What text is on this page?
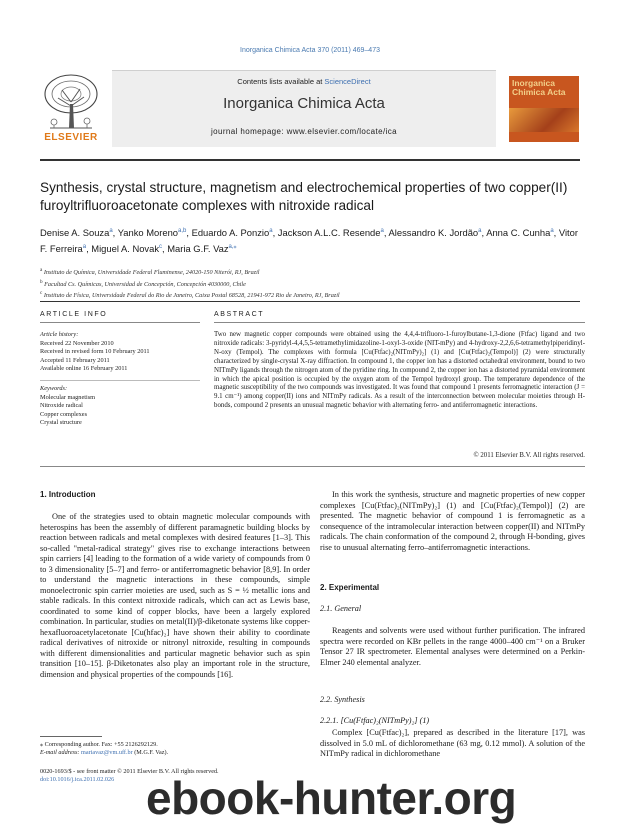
Inorganica Chimica Acta 370 (2011) 469–473
ELSEVIER
Contents lists available at ScienceDirect
Inorganica Chimica Acta
journal homepage: www.elsevier.com/locate/ica
Inorganica Chimica Acta
Synthesis, crystal structure, magnetism and electrochemical properties of two copper(II) furoyltrifluoroacetonate complexes with nitroxide radical
Denise A. Souza$^a$, Yanko Moreno$^{a,b}$, Eduardo A. Ponzio$^a$, Jackson A.L.C. Resende$^a$, Alessandro K. Jordão$^a$, Anna C. Cunha$^a$, Vitor F. Ferreira$^a$, Miguel A. Novak$^c$, Maria G.F. Vaz$^{a,⁎}$
$^a$ Instituto de Química, Universidade Federal Fluminense, 24020-150 Niterói, RJ, Brazil
$^b$ Facultad Cs. Químicas, Universidad de Concepción, Concepción 4030000, Chile
$^c$ Instituto de Física, Universidade Federal do Rio de Janeiro, Caixa Postal 68528, 21941-972 Rio de Janeiro, RJ, Brazil
ARTICLE INFO	ABSTRACT
Article history:
Received 22 November 2010
Received in revised form 10 February 2011
Accepted 11 February 2011
Available online 16 February 2011
Keywords:
Molecular magnetism
Nitroxide radical
Copper complexes
Crystal structure
Two new magnetic copper compounds were obtained using the 4,4,4-trifluoro-1-furoylbutane-1,3-dione (Ftfac) ligand and two nitroxide radicals: 3-pyridyl-4,4,5,5-tetramethylimidazoline-1-oxyl-3-oxide (NIT-mPy) and 4-hydroxy-2,2,6,6-tetramethylpiperidinyl-N-oxy (Tempol). The complexes with formula [Cu(Ftfac)₂(NITmPy)₂] (1) and [Cu(Ftfac)₂(Tempol)] (2) were structurally characterized by single-crystal X-ray diffraction. In compound 1, the copper ion has a distorted octahedral environment, bound to two NITmPy ligands through the nitrogen atom of the pyridine ring. In compound 2, the copper ion has a distorted pyramidal environment in which the apical position is occupied by the oxygen atom of the Tempol hydroxyl group. The temperature dependence of the magnetic susceptibility of the two compounds was investigated. It was found that compound 1 presents ferromagnetic interaction (J = 9.1 cm⁻¹) among copper(II) ions and NITmPy radicals. As a result of the interconnection between molecular moieties through H-bonds, compound 2 presents an unusual magnetic behavior with alternating ferro- and antiferromagnetic interactions.
© 2011 Elsevier B.V. All rights reserved.
1. Introduction

One of the strategies used to obtain magnetic molecular compounds with heterospins has been the assembly of different paramagnetic building blocks by reaction between radicals and metal complexes with desired features [1–3]. This so-called "metal-radical strategy" gives rise to exchange interactions between spin carriers [4] leading to the formation of a wide variety of compounds from 0 to 3 dimensionality [5–7] and ferro- or antiferromagnetic behavior [8,9]. In order to understand the magnetic interactions in these compounds, simple monoelectronic spin carrier moieties are used, such as S = ½ metallic ions and stable radicals. In this context nitroxide radicals, which can act as Lewis base, coordinated to some kind of copper blocks, have been a largely explored combination. In particular, studies on metal(II)/β-diketonate systems like copper-hexafluoroacetylacetonate [Cu(hfac)₂] have shown their ability to coordinate radical derivatives of nitroxide or nitronyl nitroxide, resulting in compounds with different dimensionalities and particular magnetic behavior such as spin transition [10–15]. β-Diketonates also play an important role in the structure, dimension and physical properties of the compounds [16].

⁎ Corresponding author. Fax: +55 2126292129.
E-mail address: mariavaz@vm.uff.br (M.G.F. Vaz).
0020-1693/$ - see front matter © 2011 Elsevier B.V. All rights reserved.
doi:10.1016/j.ica.2011.02.026

In this work the synthesis, structure and magnetic properties of new copper complexes [Cu(Ftfac)₂(NITmPy)₂] (1) and [Cu(Ftfac)₂(Tempol)] (2) are presented. The magnetic behavior of compound 1 is ferromagnetic as a consequence of the intramolecular interaction between copper(II) and NITmPy radicals. The chain conformation of the compound 2, through H-bonding, gives rise to unusual alternating ferro–antiferromagnetic interactions.

2. Experimental
2.1. General

Reagents and solvents were used without further purification. The infrared spectra were recorded on KBr pellets in the range 4000–400 cm⁻¹ on a Bruker Tensor 27 IR spectrometer. Elemental analyses were determined on a Perkin-Elmer 240 elemental analyzer.

2.2. Synthesis
2.2.1. [Cu(Ftfac)₂(NITmPy)₂] (1)

Complex [Cu(Ftfac)₂], prepared as described in the literature [17], was dissolved in 5.0 mL of dichloromethane (63 mg, 0.12 mmol). A solution of the NITmPy radical in dichloromethane

ebook-hunter.org
